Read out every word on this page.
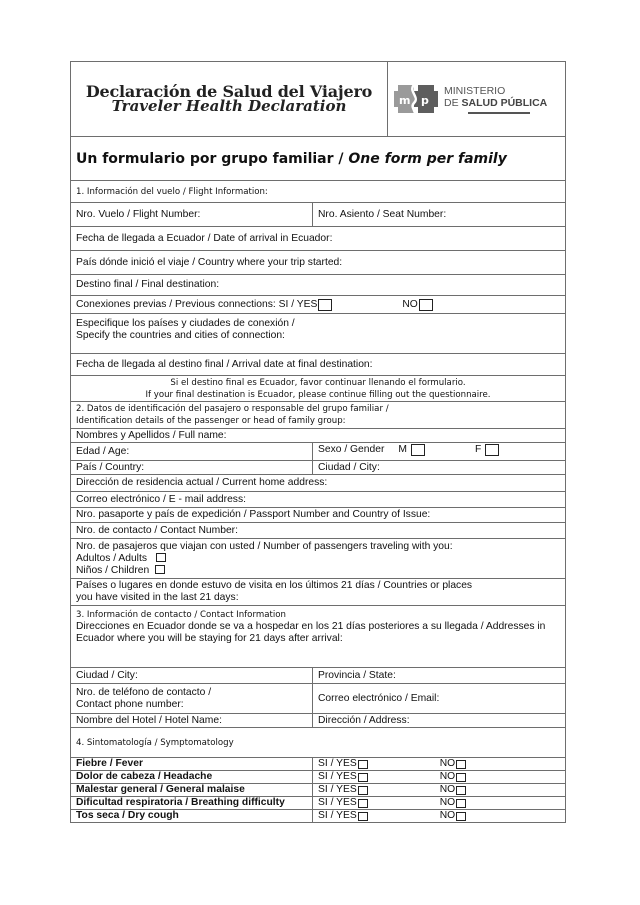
Declaración de Salud del Viajero
Traveler Health Declaration	m p
MINISTERIO
DE SALUD PÚBLICA
Un formulario por grupo familiar /
One form per family
1. Información del vuelo / Flight Information:
Nro. Vuelo / Flight Number:	Nro. Asiento / Seat Number:
Fecha de llegada a Ecuador / Date of arrival in Ecuador:
País dónde inició el viaje / Country where your trip started:
Destino final / Final destination:
Conexiones previas / Previous connections: SI / YES	NO
Especifique los países y ciudades de conexión /
Specify the countries and cities of connection:
Fecha de llegada al destino final / Arrival date at final destination:
Si el destino final es Ecuador, favor continuar llenando el formulario.
If your final destination is Ecuador, please continue filling out the questionnaire.
2. Datos de identificación del pasajero o responsable del grupo familiar /
Identification details of the passenger or head of family group:
Nombres y Apellidos / Full name:
Edad / Age:	Sexo / Gender M	F
País / Country:	Ciudad / City:
Dirección de residencia actual / Current home address:
Correo electrónico / E - mail address:
Nro. pasaporte y país de expedición / Passport Number and Country of Issue:
Nro. de contacto / Contact Number:
Nro. de pasajeros que viajan con usted / Number of passengers traveling with you:
Adultos / Adults
Niños / Children
Países o lugares en donde estuvo de visita en los últimos 21 días / Countries or places
you have visited in the last 21 days:
3. Información de contacto / Contact Information
Direcciones en Ecuador donde se va a hospedar en los 21 días posteriores a su llegada / Addresses in
Ecuador where you will be staying for 21 days after arrival:
Ciudad / City:	Provincia / State:
Nro. de teléfono de contacto /
Contact phone number:
Correo electrónico / Email:
Nombre del Hotel / Hotel Name:	Dirección / Address:
4. Sintomatología / Symptomatology
Fiebre / Fever	SI / YES	NO
Dolor de cabeza / Headache	SI / YES	NO
Malestar general / General malaise	SI / YES	NO
Dificultad respiratoria / Breathing difficulty	SI / YES	NO
Tos seca / Dry cough	SI / YES	NO
